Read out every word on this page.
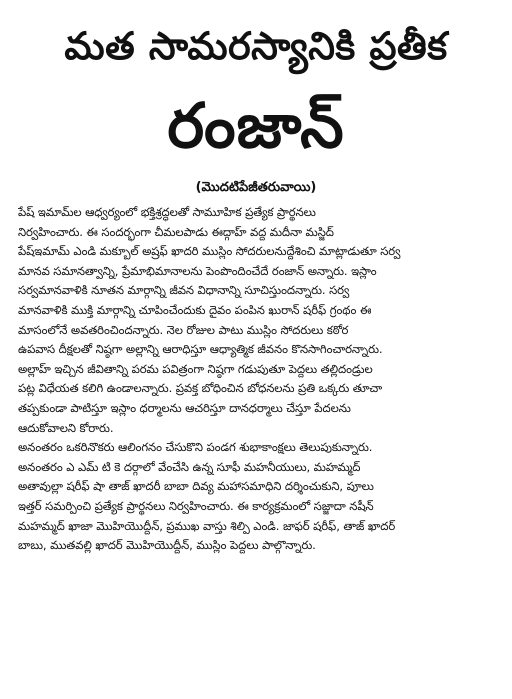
మత సామరస్యానికి ప్రతీక
రంజాన్
(మొదటిపేజీతరువాయి)
పేష్ ఇమామ్‌ల ఆధ్వర్యంలో భక్తిశ్రద్ధలతో సామూహిక ప్రత్యేక ప్రార్థనలు
నిర్వహించారు. ఈ సందర్భంగా చీమలపాడు ఈద్గాహ్ వద్ద మదీనా మస్జిద్
పేష్‌ఇమామ్ ఎండి మక్బూల్ అష్రఫ్ ఖాదరి ముస్లిం సోదరులనుద్దేశించి మాట్లాడుతూ సర్వ
మానవ సమానత్వాన్ని, ప్రేమాభిమానాలను పెంపొందించేదే రంజాన్ అన్నారు. ఇస్లాం
సర్వమానవాళికి నూతన మార్గాన్ని జీవన విధానాన్ని సూచిస్తుందన్నారు. సర్వ
మానవాళికి ముక్తి మార్గాన్ని చూపించేందుకు దైవం పంపిన ఖురాన్ షరీఫ్ గ్రంథం ఈ
మాసంలోనే అవతరించిందన్నారు. నెల రోజుల పాటు ముస్లిం సోదరులు కఠోర
ఉపవాస దీక్షలతో నిష్ఠగా అల్లాన్ని ఆరాధిస్తూ ఆధ్యాత్మిక జీవనం కొనసాగించారన్నారు.
అల్లాహ్ ఇచ్చిన జీవితాన్ని పరమ పవిత్రంగా నిష్ఠగా గడుపుతూ పెద్దలు తల్లిదండ్రుల
పట్ల విధేయత కలిగి ఉండాలన్నారు. ప్రవక్త బోధించిన బోధనలను ప్రతి ఒక్కరు తూచా
తప్పకుండా పాటిస్తూ ఇస్లాం ధర్మాలను ఆచరిస్తూ దానధర్మాలు చేస్తూ పేదలను
ఆదుకోవాలని కోరారు.
అనంతరం ఒకరినొకరు ఆలింగనం చేసుకొని పండగ శుభాకాంక్షలు తెలుపుకున్నారు.
అనంతరం ఎ ఎమ్ టి కె దర్గాలో వేంచేసి ఉన్న సూఫీ మహనీయులు, మహమ్మద్
అతావుల్లా షరీఫ్ షా తాజ్ ఖాదరీ బాబా దివ్య మహాసమాధిని దర్శించుకుని, పూలు
ఇత్తర్ సమర్పించి ప్రత్యేక ప్రార్థనలు నిర్వహించారు. ఈ కార్యక్రమంలో సజ్జాదా నషీన్
మహమ్మద్ ఖాజా మొహియొద్దీన్, ప్రముఖ వాస్తు శిల్పి ఎండి. జాఫర్ షరీఫ్, తాజ్ ఖాదర్
బాబు, ముతవల్లి ఖాదర్ మొహియొద్దీన్, ముస్లిం పెద్దలు పాల్గొన్నారు.
